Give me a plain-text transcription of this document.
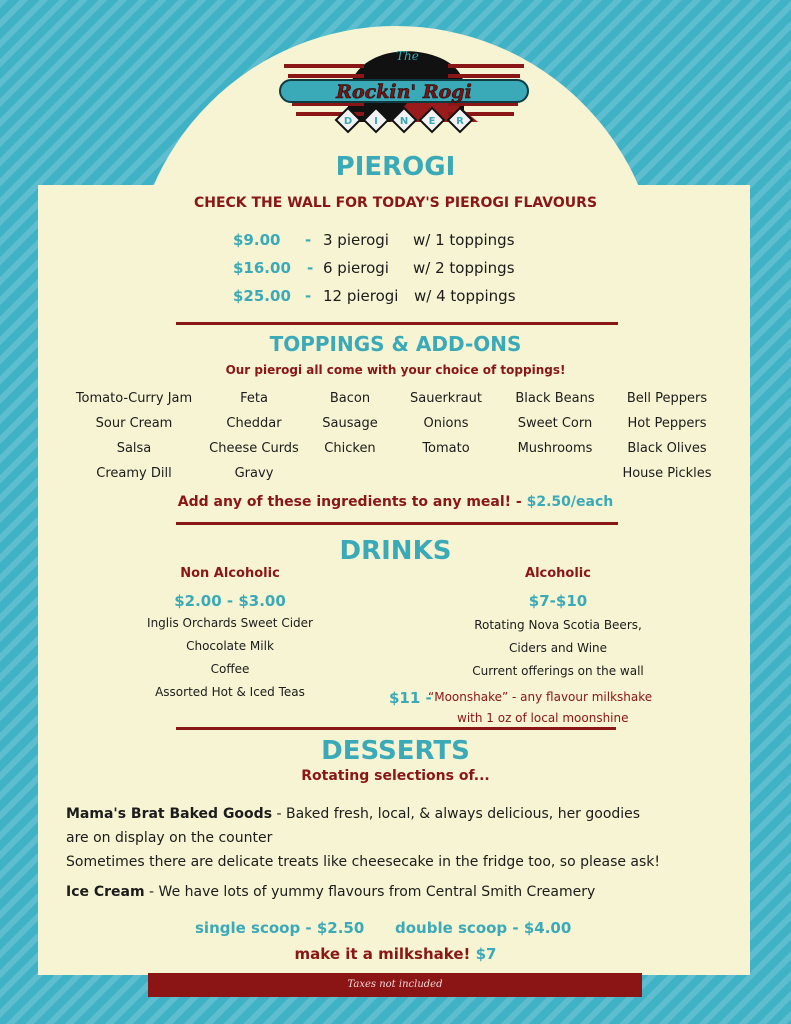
The
Rockin' Rogi
D I N E R
PIEROGI
CHECK THE WALL FOR TODAY'S PIEROGI FLAVOURS
$9.00 - 3 pierogi w/ 1 toppings
$16.00 - 6 pierogi w/ 2 toppings
$25.00 - 12 pierogi w/ 4 toppings
TOPPINGS & ADD-ONS
Our pierogi all come with your choice of toppings!
Tomato-Curry Jam
Sour Cream
Salsa
Creamy Dill
Feta
Cheddar
Cheese Curds
Gravy
Bacon
Sausage
Chicken
Sauerkraut
Onions
Tomato
Black Beans
Sweet Corn
Mushrooms
Bell Peppers
Hot Peppers
Black Olives
House Pickles
Add any of these ingredients to any meal! - $2.50/each
DRINKS
Non Alcoholic
$2.00 - $3.00
Inglis Orchards Sweet Cider
Chocolate Milk
Coffee
Assorted Hot & Iced Teas
Alcoholic
$7-$10
Rotating Nova Scotia Beers,
Ciders and Wine
Current offerings on the wall
$11 -
“Moonshake” - any flavour milkshake
with 1 oz of local moonshine
DESSERTS
Rotating selections of...
Mama's Brat Baked Goods - Baked fresh, local, & always delicious, her goodies
are on display on the counter
Sometimes there are delicate treats like cheesecake in the fridge too, so please ask!
Ice Cream - We have lots of yummy flavours from Central Smith Creamery
single scoop - $2.50 double scoop - $4.00
make it a milkshake! $7
Taxes not included
